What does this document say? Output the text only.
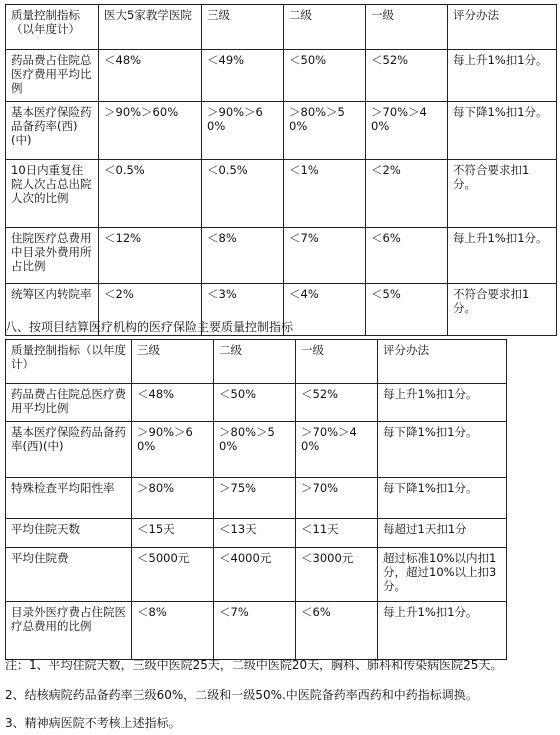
质量控制指标（以年度计）	医大5家教学医院	三级	二级	一级	评分办法
药品费占住院总医疗费用平均比例	＜48%	＜49%	＜50%	＜52%	每上升1%扣1分。
基本医疗保险药品备药率(西)(中)	＞90%＞60%	＞90%＞60%	＞80%＞50%	＞70%＞40%	每下降1%扣1分。
10日内重复住院人次占总出院人次的比例	＜0.5%	＜0.5%	＜1%	＜2%	不符合要求扣1分。
住院医疗总费用中目录外费用所占比例	＜12%	＜8%	＜7%	＜6%	每上升1%扣1分。
统筹区内转院率	＜2%	＜3%	＜4%	＜5%	不符合要求扣1分。
八、按项目结算医疗机构的医疗保险主要质量控制指标
质量控制指标（以年度计）	三级	二级	一级	评分办法
药品费占住院总医疗费用平均比例	＜48%	＜50%	＜52%	每上升1%扣1分。
基本医疗保险药品备药率(西)(中)	＞90%＞60%	＞80%＞50%	＞70%＞40%	每下降1%扣1分。
特殊检查平均阳性率	＞80%	＞75%	＞70%	每下降1%扣1分。
平均住院天数	＜15天	＜13天	＜11天	每超过1天扣1分
平均住院费	＜5000元	＜4000元	＜3000元	超过标准10%以内扣1分，超过10%以上扣3分。
目录外医疗费占住院医疗总费用的比例	＜8%	＜7%	＜6%	每上升1%扣1分。
注：1、平均住院天数，三级中医院25天，二级中医院20天，胸科、肺科和传染病医院25天。
2、结核病院药品备药率三级60%，二级和一级50%.中医院备药率西药和中药指标调换。
3、精神病医院不考核上述指标。
